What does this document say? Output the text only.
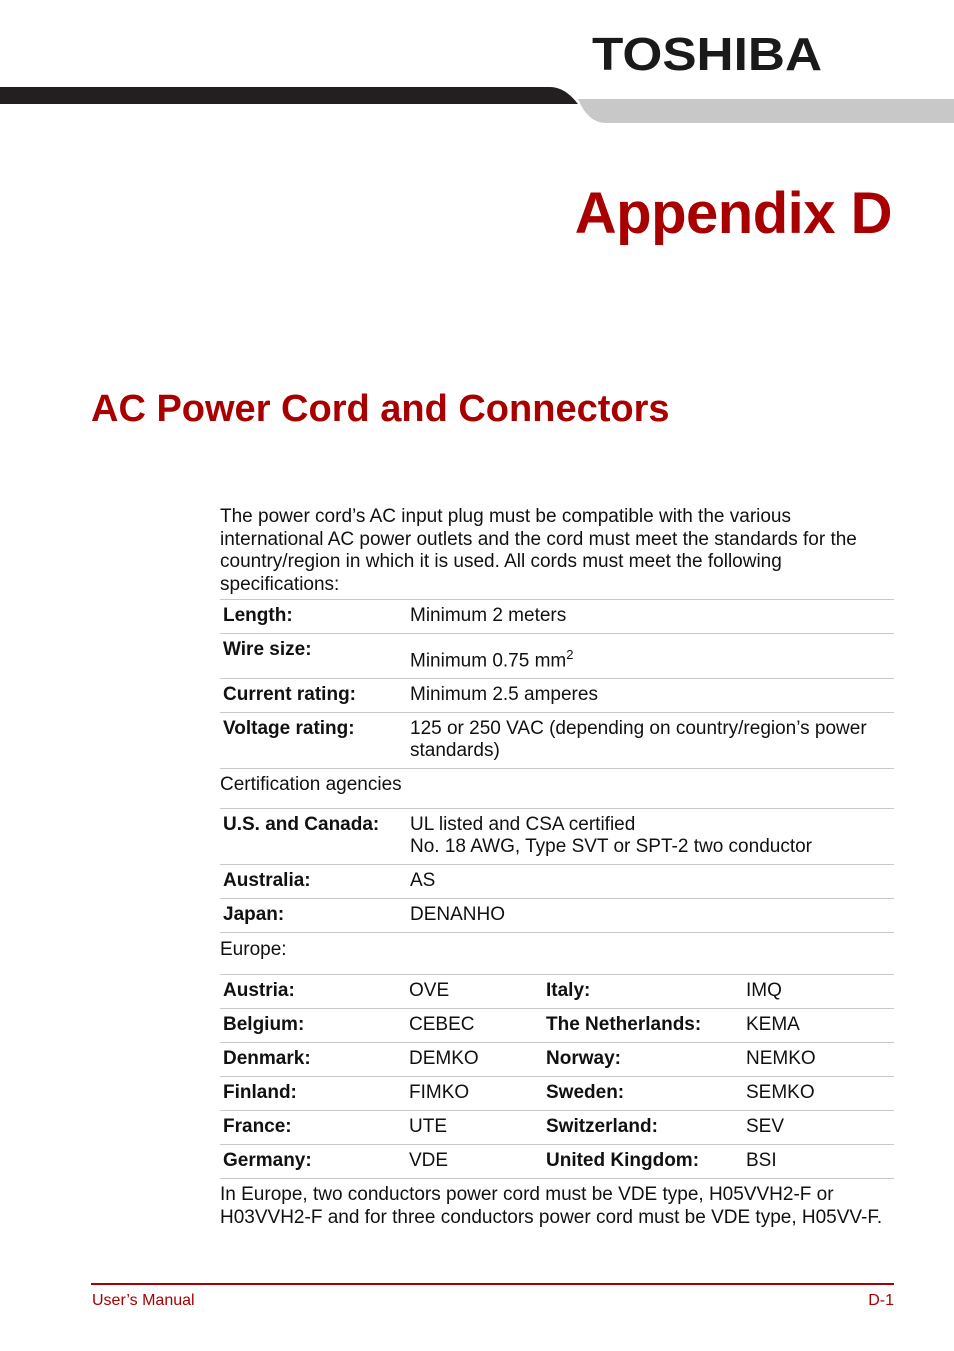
TOSHIBA
Appendix D
AC Power Cord and Connectors

The power cord’s AC input plug must be compatible with the various international AC power outlets and the cord must meet the standards for the country/region in which it is used. All cords must meet the following specifications:

Length:	Minimum 2 meters
Wire size:	Minimum 0.75 $mm^2$
Current rating:	Minimum 2.5 amperes
Voltage rating:	125 or 250 VAC (depending on country/region’s power standards)

Certification agencies

U.S. and Canada:	UL listed and CSA certified
No. 18 AWG, Type SVT or SPT-2 two conductor

Australia:	AS
Japan:	DENANHO

Europe:

Austria:	OVE	Italy:	IMQ
Belgium:	CEBEC	The Netherlands:	KEMA
Denmark:	DEMKO	Norway:	NEMKO
Finland:	FIMKO	Sweden:	SEMKO
France:	UTE	Switzerland:	SEV
Germany:	VDE	United Kingdom:	BSI

In Europe, two conductors power cord must be VDE type, H05VVH2-F or H03VVH2-F and for three conductors power cord must be VDE type, H05VV-F.

User’s Manual	D-1
